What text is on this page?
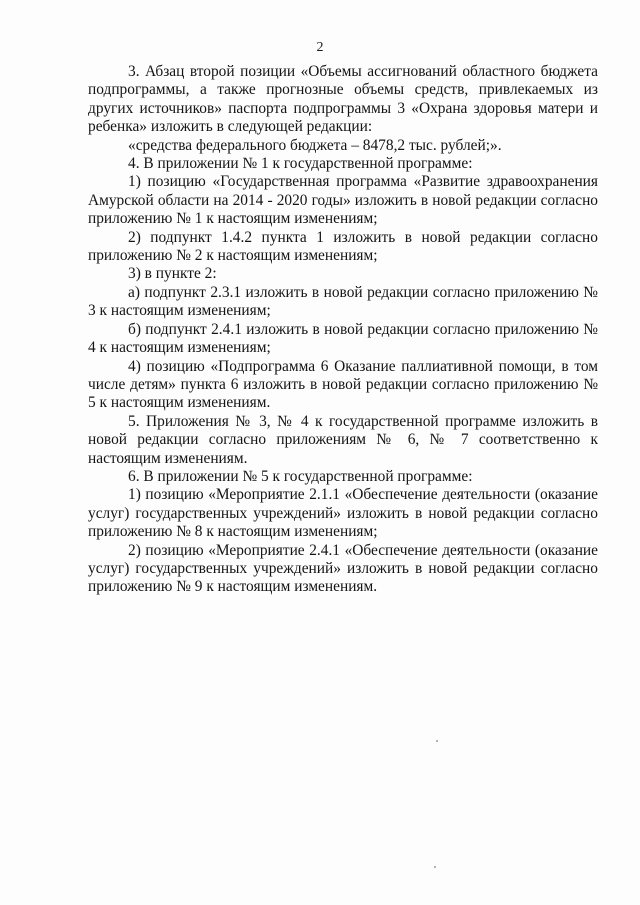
2

3. Абзац второй позиции «Объемы ассигнований областного бюджета подпрограммы, а также прогнозные объемы средств, привлекаемых из других источников» паспорта подпрограммы 3 «Охрана здоровья матери и ребенка» изложить в следующей редакции:

«средства федерального бюджета – 8478,2 тыс. рублей;».

4. В приложении № 1 к государственной программе:

1) позицию «Государственная программа «Развитие здравоохранения Амурской области на 2014 - 2020 годы» изложить в новой редакции согласно приложению № 1 к настоящим изменениям;

2) подпункт 1.4.2 пункта 1 изложить в новой редакции согласно приложению № 2 к настоящим изменениям;

3) в пункте 2:

а) подпункт 2.3.1 изложить в новой редакции согласно приложению № 3 к настоящим изменениям;

б) подпункт 2.4.1 изложить в новой редакции согласно приложению № 4 к настоящим изменениям;

4) позицию «Подпрограмма 6 Оказание паллиативной помощи, в том числе детям» пункта 6 изложить в новой редакции согласно приложению № 5 к настоящим изменениям.

5. Приложения № 3, № 4 к государственной программе изложить в новой редакции согласно приложениям № 6, № 7 соответственно к настоящим изменениям.

6. В приложении № 5 к государственной программе:

1) позицию «Мероприятие 2.1.1 «Обеспечение деятельности (оказание услуг) государственных учреждений» изложить в новой редакции согласно приложению № 8 к настоящим изменениям;

2) позицию «Мероприятие 2.4.1 «Обеспечение деятельности (оказание услуг) государственных учреждений» изложить в новой редакции согласно приложению № 9 к настоящим изменениям.
